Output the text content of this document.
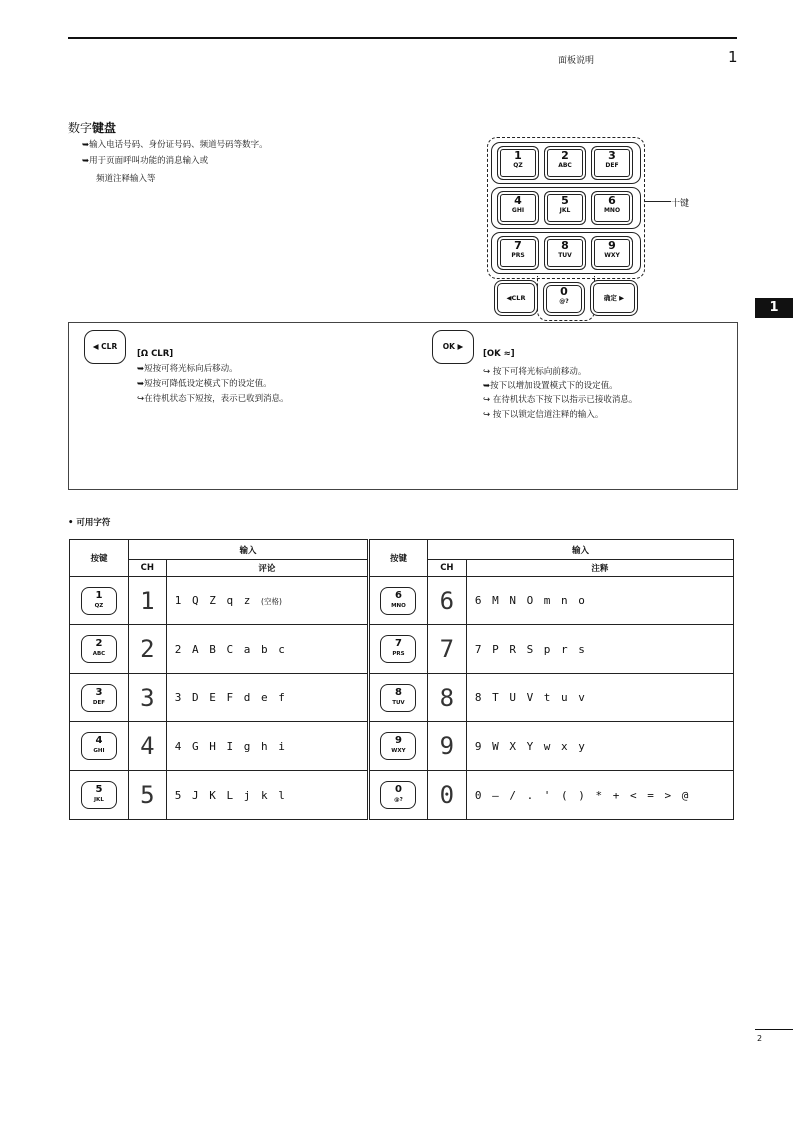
面板说明	1
数字键盘
➥输入电话号码、身份证号码、频道号码等数字。
➥用于页面呼叫功能的消息输入或
频道注释输入等
1
QZ
2
ABC
3
DEF
4
GHI
5
JKL
6
MNO
7
PRS
8
TUV
9
WXY
◀CLR	0
@?	确定 ▶
十键
1
◀ CLR
[Ω CLR]
➥短按可将光标向后移动。
➥短按可降低设定模式下的设定值。
↪在待机状态下短按，表示已收到消息。
OK ▶
[OK ≈]
↪ 按下可将光标向前移动。
➥按下以增加设置模式下的设定值。
↪ 在待机状态下按下以指示已接收消息。
↪ 按下以锁定信道注释的输入。
• 可用字符
按键	输入	
	CH	评论

1
QZ	1	1 Q Z q z (空格)

2
ABC	2	2 A B C a b c

3
DEF	3	3 D E F d e f

4
GHI	4	4 G H I g h i

5
JKL	5	5 J K L j k l
按键	输入	
	CH	注释

6
MNO	6	6 M N O m n o

7
PRS	7	7 P R S p r s

8
TUV	8	8 T U V t u v

9
WXY	9	9 W X Y w x y

0
@?	0	0 – / . ' ( ) * + < = > @
2
